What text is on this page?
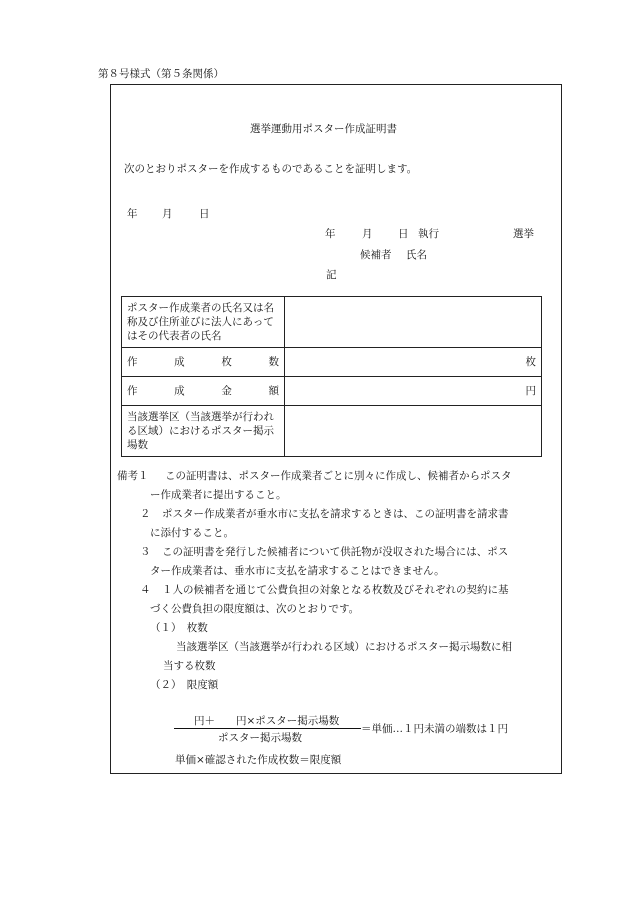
第８号様式（第５条関係）
選挙運動用ポスター作成証明書
次のとおりポスターを作成するものであることを証明します。
年 月	日
年	月 日 執行	選挙
候補者 氏名
記
ポスター作成業者の氏名又は名称及び住所並びに法人にあってはその代表者の氏名	
作成枚数	枚
作成金額	円
当該選挙区（当該選挙が行われる区域）におけるポスター掲示場数	
備考１ この証明書は、ポスター作成業者ごとに別々に作成し、候補者からポスタ
ー作成業者に提出すること。
２ ポスター作成業者が垂水市に支払を請求するときは、この証明書を請求書
に添付すること。
３ この証明書を発行した候補者について供託物が没収された場合には、ポス
ター作成業者は、垂水市に支払を請求することはできません。
４ １人の候補者を通じて公費負担の対象となる枚数及びそれぞれの契約に基
づく公費負担の限度額は、次のとおりです。
（１）　枚数
当該選挙区（当該選挙が行われる区域）におけるポスター掲示場数に相
当する枚数
（２）　限度額
円＋　　円×ポスター掲示場数
ポスター掲示場数
＝単価…１円未満の端数は１円
単価×確認された作成枚数＝限度額
